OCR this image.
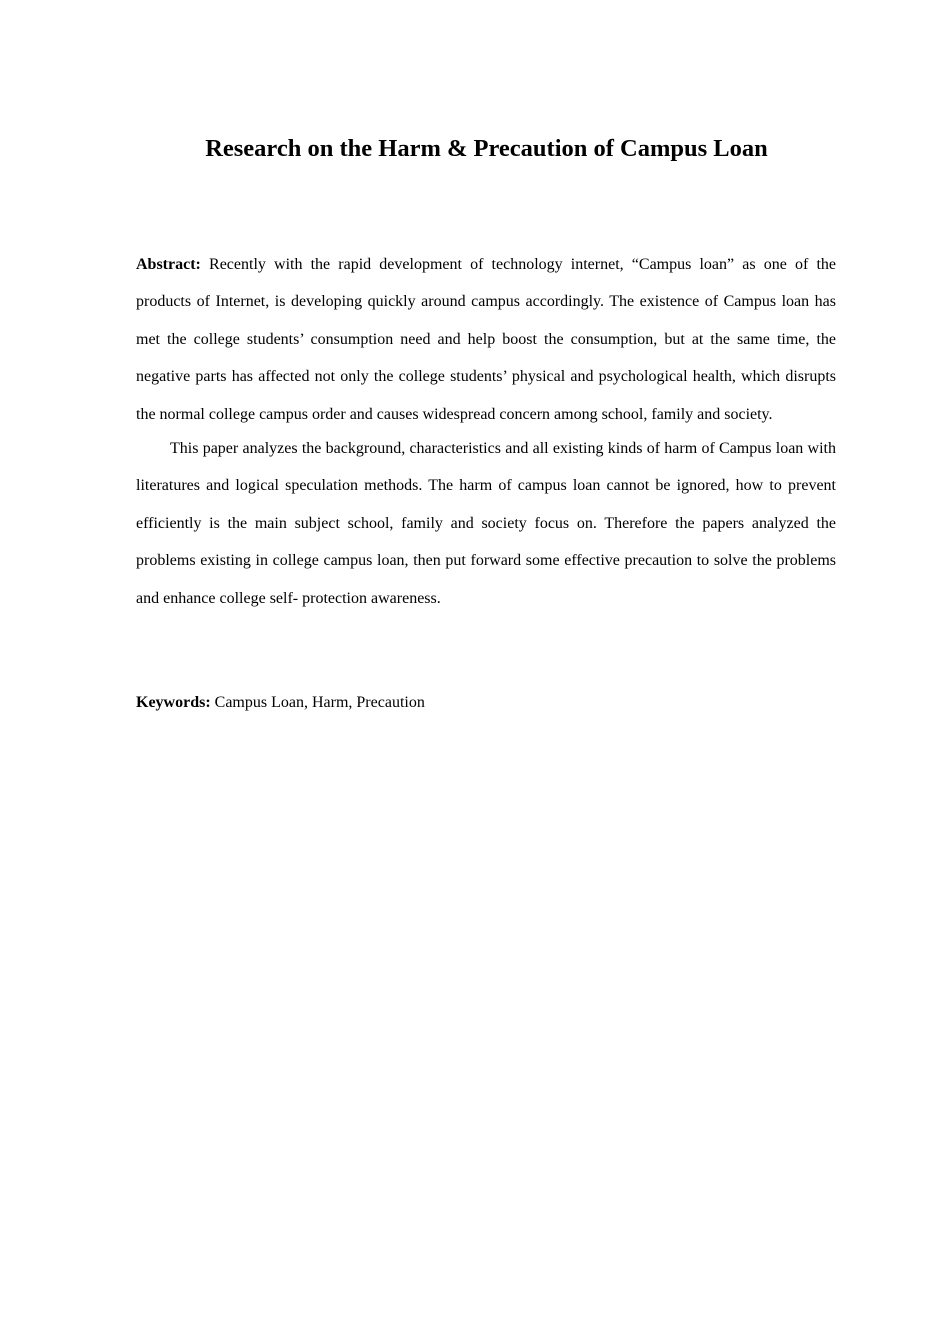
Research on the Harm & Precaution of Campus Loan

Abstract: Recently with the rapid development of technology internet, “Campus loan” as one of the products of Internet, is developing quickly around campus accordingly. The existence of Campus loan has met the college students’ consumption need and help boost the consumption, but at the same time, the negative parts has affected not only the college students’ physical and psychological health, which disrupts the normal college campus order and causes widespread concern among school, family and society.

This paper analyzes the background, characteristics and all existing kinds of harm of Campus loan with literatures and logical speculation methods. The harm of campus loan cannot be ignored, how to prevent efficiently is the main subject school, family and society focus on. Therefore the papers analyzed the problems existing in college campus loan, then put forward some effective precaution to solve the problems and enhance college self- protection awareness.

Keywords: Campus Loan, Harm, Precaution
